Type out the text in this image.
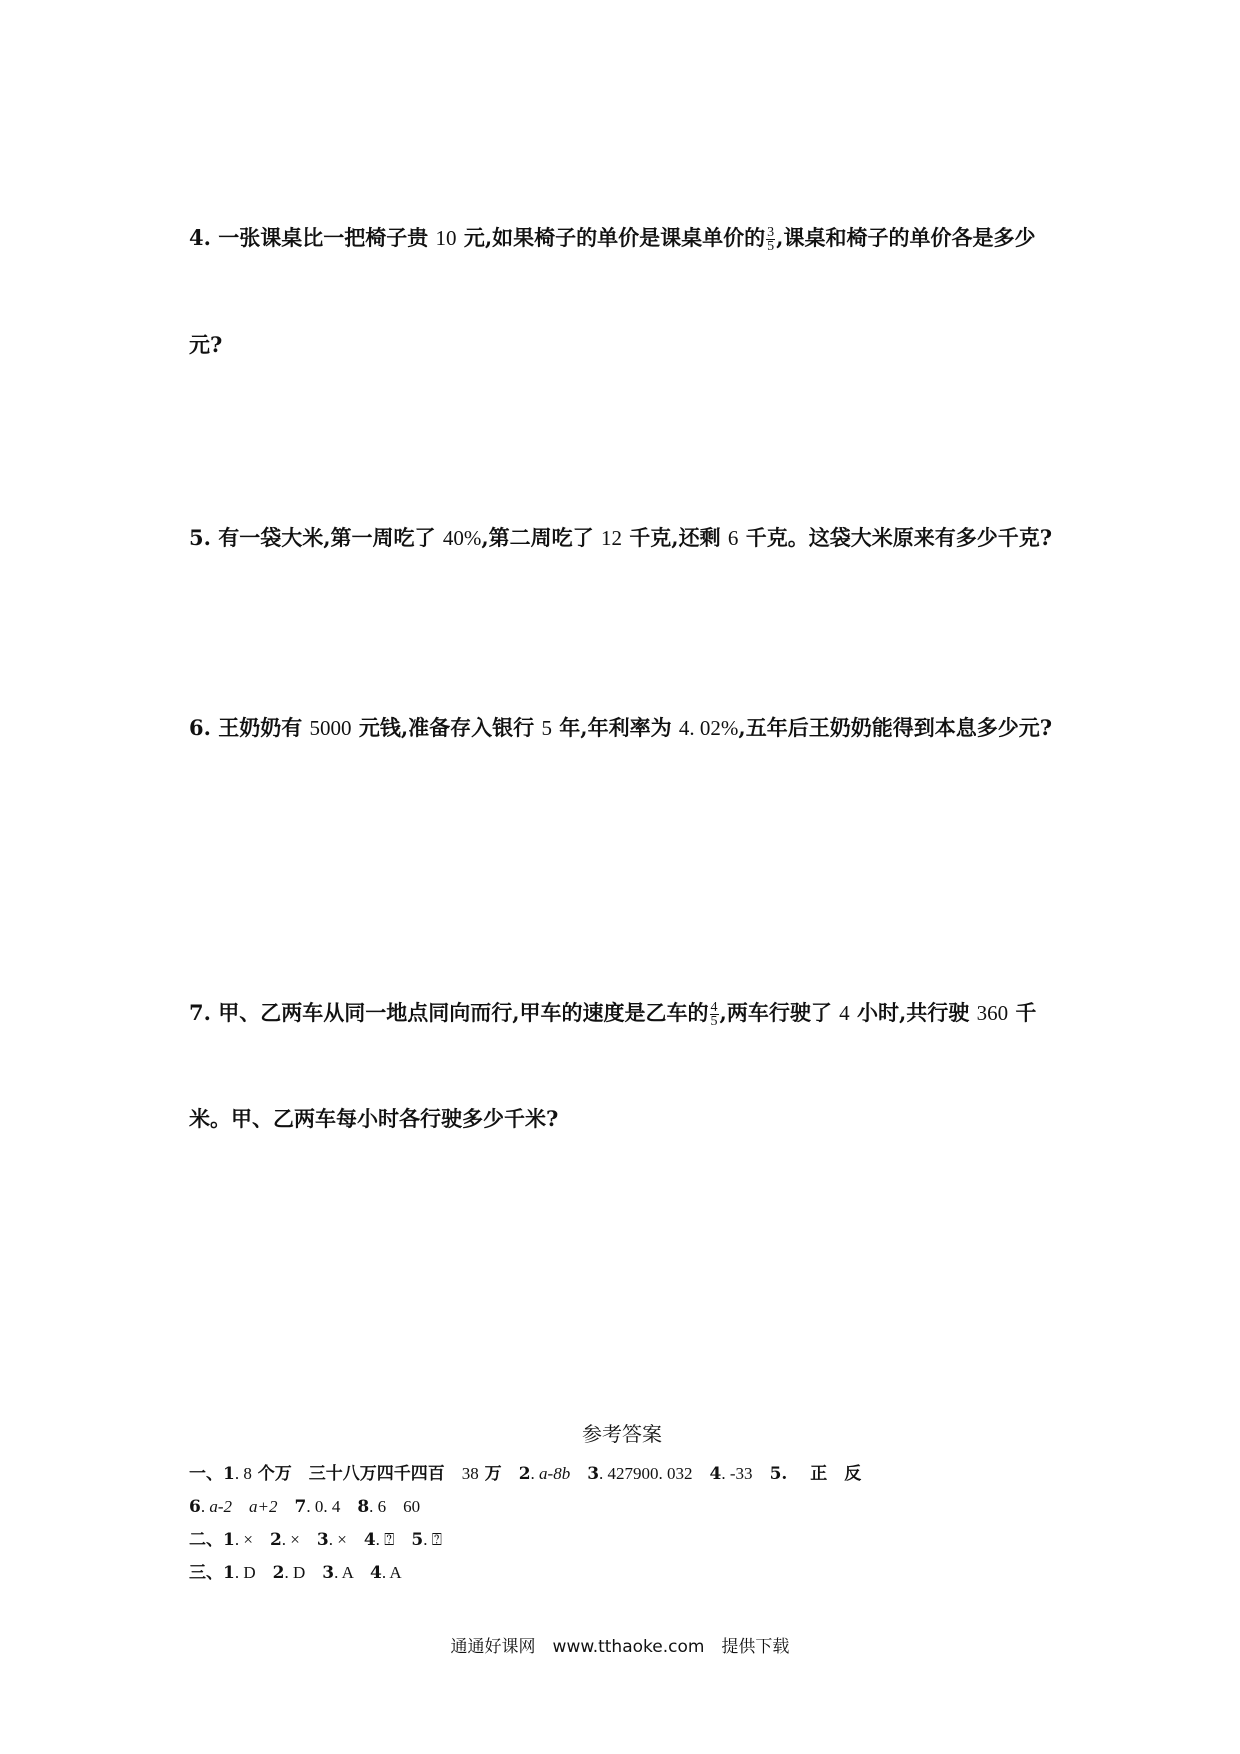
4. 一张课桌比一把椅子贵 10 元,如果椅子的单价是课桌单价的 $\frac{3}{5}$ ,课桌和椅子的单价各是多少
元?
5. 有一袋大米,第一周吃了 40%,第二周吃了 12 千克,还剩 6 千克。这袋大米原来有多少千克?
6. 王奶奶有 5000 元钱,准备存入银行 5 年,年利率为 4. 02%,五年后王奶奶能得到本息多少元?
7. 甲、乙两车从同一地点同向而行,甲车的速度是乙车的 $\frac{4}{5}$ ,两车行驶了 4 小时,共行驶 360 千
米。甲、乙两车每小时各行驶多少千米?
参考答案
一、1. 8 个万　三十八万四千四百　38 万　2. a-8b　 3. 427900. 032　4. -33　5. 　正　反
6. a-2　a+2　 7. 0. 4　8. 6　60
二、1. ×　2. ×　3. ×　4. ⍰　5. ⍰
三、1. D　2. D　3. A　4. A
通通好课网　www.tthaoke.com　提供下载
